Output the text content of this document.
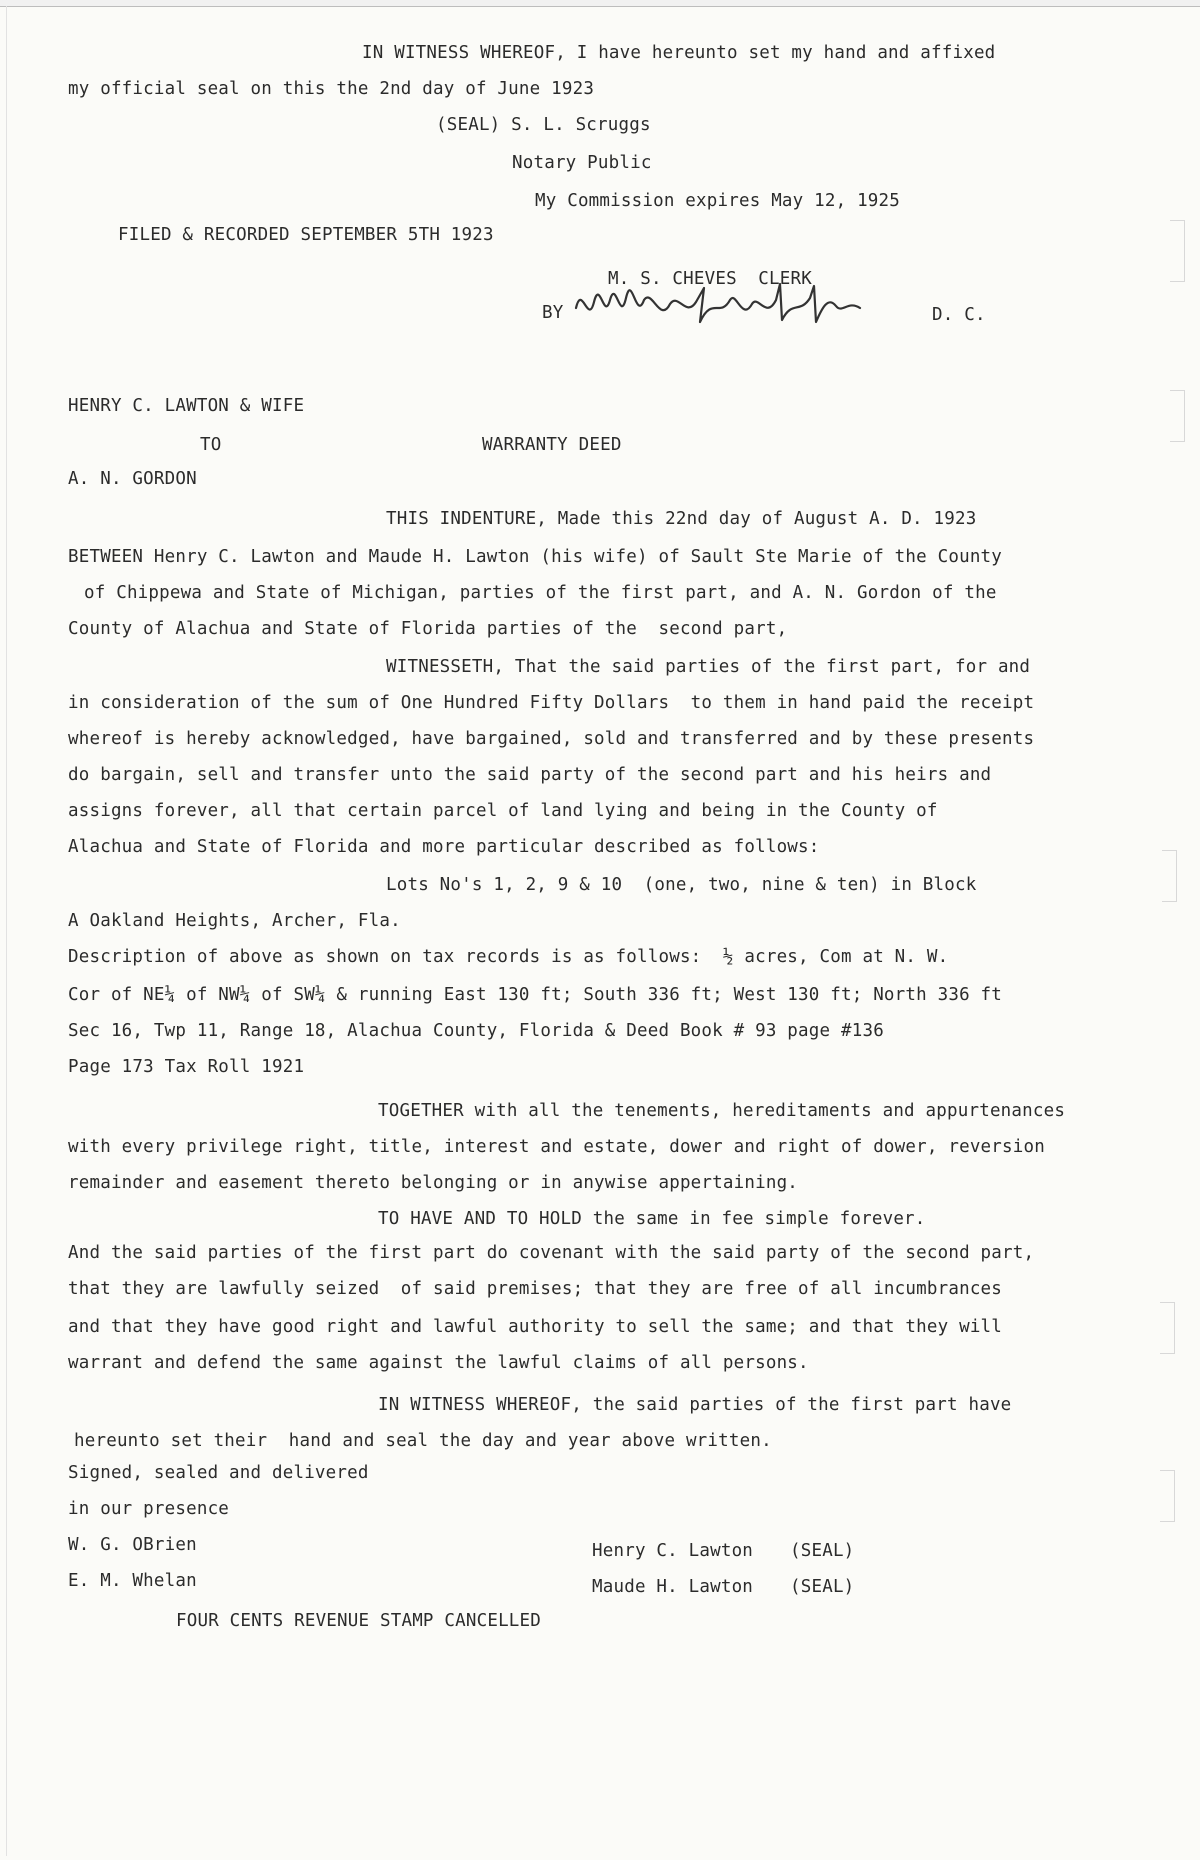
IN WITNESS WHEREOF, I have hereunto set my hand and affixed
my official seal on this the 2nd day of June 1923
(SEAL) S. L. Scruggs
Notary Public
My Commission expires May 12, 1925
FILED & RECORDED SEPTEMBER 5TH 1923
M. S. CHEVES  CLERK
BY	D. C.
HENRY C. LAWTON & WIFE
TO	WARRANTY DEED
A. N. GORDON
THIS INDENTURE, Made this 22nd day of August A. D. 1923
BETWEEN Henry C. Lawton and Maude H. Lawton (his wife) of Sault Ste Marie of the County
of Chippewa and State of Michigan, parties of the first part, and A. N. Gordon of the
County of Alachua and State of Florida parties of the  second part,
WITNESSETH, That the said parties of the first part, for and
in consideration of the sum of One Hundred Fifty Dollars  to them in hand paid the receipt
whereof is hereby acknowledged, have bargained, sold and transferred and by these presents
do bargain, sell and transfer unto the said party of the second part and his heirs and
assigns forever, all that certain parcel of land lying and being in the County of
Alachua and State of Florida and more particular described as follows:
Lots No's 1, 2, 9 & 10  (one, two, nine & ten) in Block
A Oakland Heights, Archer, Fla.
Description of above as shown on tax records is as follows:  ½ acres, Com at N. W.
Cor of NE¼ of NW¼ of SW¼ & running East 130 ft; South 336 ft; West 130 ft; North 336 ft
Sec 16, Twp 11, Range 18, Alachua County, Florida & Deed Book # 93 page #136
Page 173 Tax Roll 1921
TOGETHER with all the tenements, hereditaments and appurtenances
with every privilege right, title, interest and estate, dower and right of dower, reversion
remainder and easement thereto belonging or in anywise appertaining.
TO HAVE AND TO HOLD the same in fee simple forever.
And the said parties of the first part do covenant with the said party of the second part,
that they are lawfully seized  of said premises; that they are free of all incumbrances
and that they have good right and lawful authority to sell the same; and that they will
warrant and defend the same against the lawful claims of all persons.
IN WITNESS WHEREOF, the said parties of the first part have
hereunto set their  hand and seal the day and year above written.
Signed, sealed and delivered
in our presence
W. G. OBrien
E. M. Whelan
Henry C. Lawton (SEAL)
Maude H. Lawton (SEAL)
FOUR CENTS REVENUE STAMP CANCELLED
